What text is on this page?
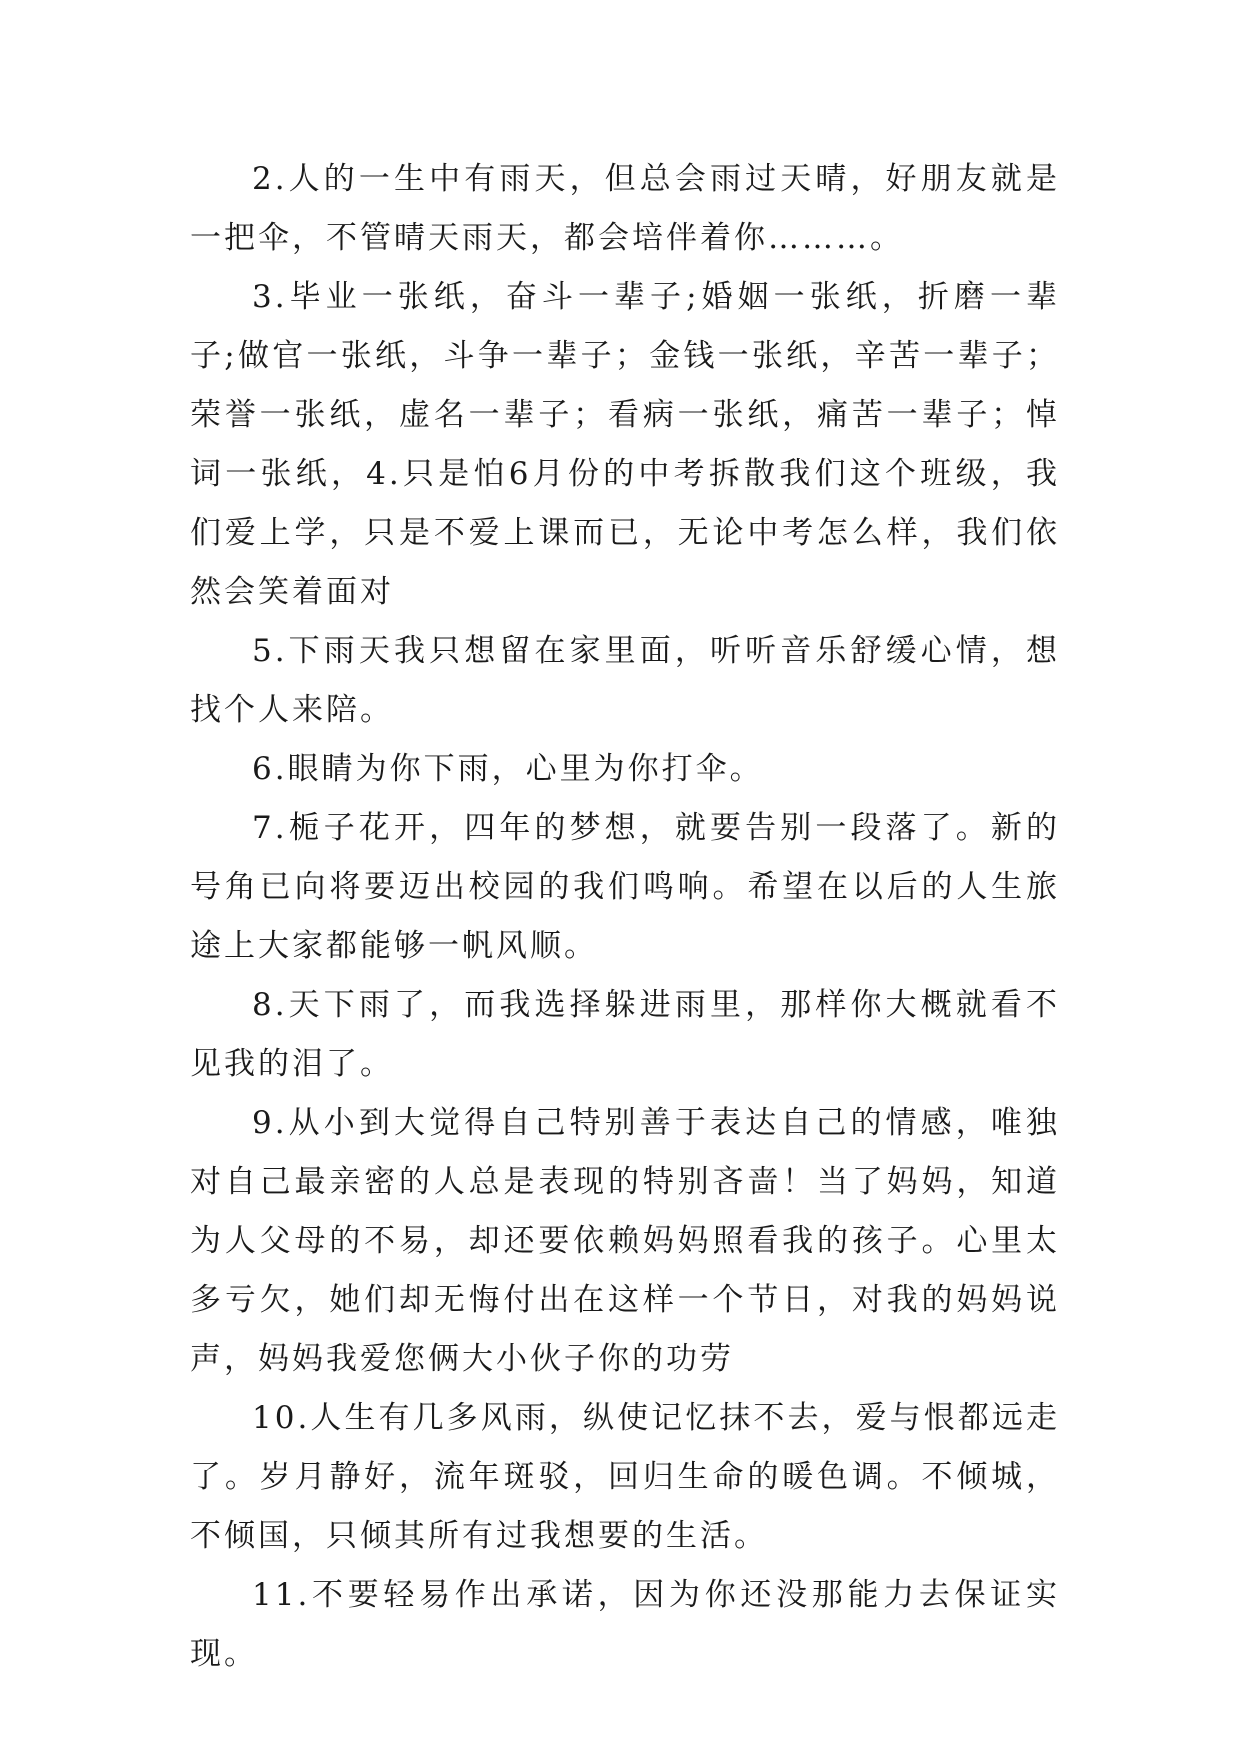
2.人的一生中有雨天，但总会雨过天晴，好朋友就是一把伞，不管晴天雨天，都会培伴着你………。

3.毕业一张纸，奋斗一辈子;婚姻一张纸，折磨一辈子;做官一张纸，斗争一辈子；金钱一张纸，辛苦一辈子；荣誉一张纸，虚名一辈子；看病一张纸，痛苦一辈子；悼词一张纸，4.只是怕6月份的中考拆散我们这个班级，我们爱上学，只是不爱上课而已，无论中考怎么样，我们依然会笑着面对

5.下雨天我只想留在家里面，听听音乐舒缓心情，想找个人来陪。

6.眼睛为你下雨，心里为你打伞。

7.栀子花开，四年的梦想，就要告别一段落了。新的号角已向将要迈出校园的我们鸣响。希望在以后的人生旅途上大家都能够一帆风顺。

8.天下雨了，而我选择躲进雨里，那样你大概就看不见我的泪了。

9.从小到大觉得自己特别善于表达自己的情感，唯独对自己最亲密的人总是表现的特别吝啬！当了妈妈，知道为人父母的不易，却还要依赖妈妈照看我的孩子。心里太多亏欠，她们却无悔付出在这样一个节日，对我的妈妈说声，妈妈我爱您俩大小伙子你的功劳

10.人生有几多风雨，纵使记忆抹不去，爱与恨都远走了。岁月静好，流年斑驳，回归生命的暖色调。不倾城，不倾国，只倾其所有过我想要的生活。

11.不要轻易作出承诺，因为你还没那能力去保证实现。
